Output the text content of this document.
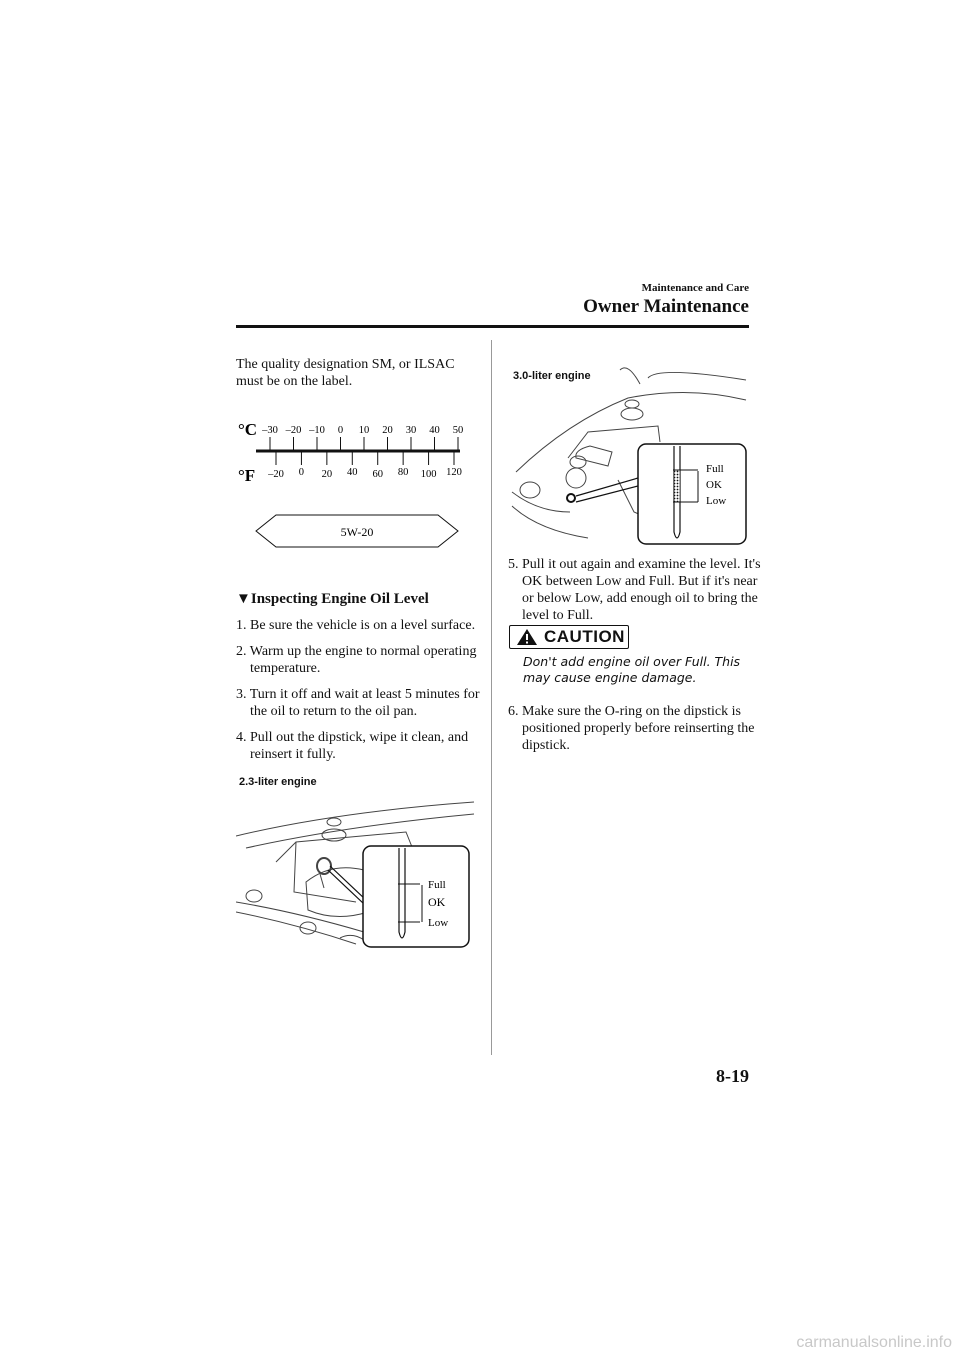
Maintenance and Care
Owner Maintenance
The quality designation SM, or ILSAC must be on the label.
°C
°F
–30 –20 –10 0 10 20 30 40 50
–20 0 20 40 60 80 100 120
5W-20
▼Inspecting Engine Oil Level
1. Be sure the vehicle is on a level surface.
2. Warm up the engine to normal operating temperature.
3. Turn it off and wait at least 5 minutes for the oil to return to the oil pan.
4. Pull out the dipstick, wipe it clean, and reinsert it fully.
2.3-liter engine
Full
OK
Low
3.0-liter engine
Full
OK
Low
5. Pull it out again and examine the level. It's OK between Low and Full. But if it's near or below Low, add enough oil to bring the level to Full.
CAUTION
Don't add engine oil over Full. This may cause engine damage.
6. Make sure the O-ring on the dipstick is positioned properly before reinserting the dipstick.
8-19
carmanualsonline.info
